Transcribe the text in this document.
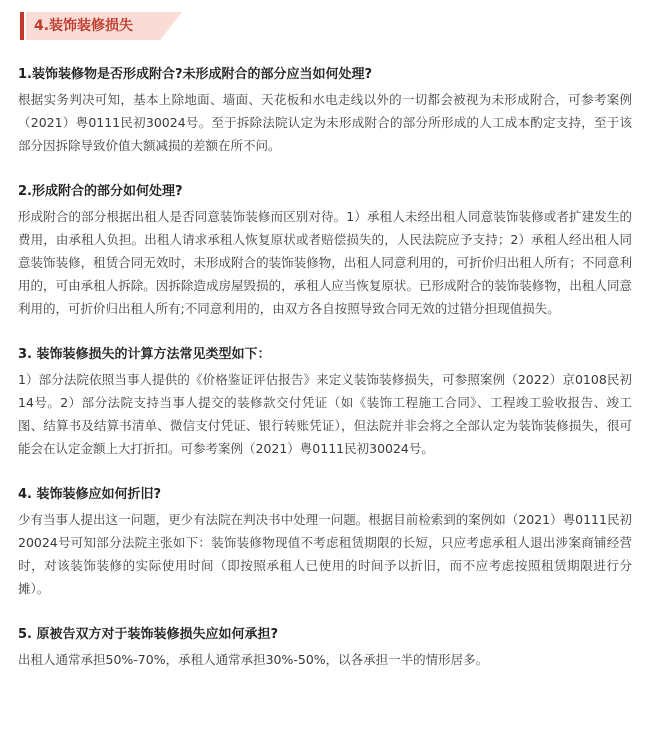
4.装饰装修损失
1.装饰装修物是否形成附合?未形成附合的部分应当如何处理?

根据实务判决可知，基本上除地面、墙面、天花板和水电走线以外的一切都会被视为未形成附合，可参考案例（2021）粤0111民初30024号。至于拆除法院认定为未形成附合的部分所形成的人工成本酌定支持，至于该部分因拆除导致价值大额减损的差额在所不问。

2.形成附合的部分如何处理?

形成附合的部分根据出租人是否同意装饰装修而区别对待。1）承租人未经出租人同意装饰装修或者扩建发生的费用，由承租人负担。出租人请求承租人恢复原状或者赔偿损失的，人民法院应予支持；2）承租人经出租人同意装饰装修，租赁合同无效时，未形成附合的装饰装修物，出租人同意利用的，可折价归出租人所有；不同意利用的，可由承租人拆除。因拆除造成房屋毁损的，承租人应当恢复原状。已形成附合的装饰装修物，出租人同意利用的，可折价归出租人所有;不同意利用的，由双方各自按照导致合同无效的过错分担现值损失。

3. 装饰装修损失的计算方法常见类型如下：

1）部分法院依照当事人提供的《价格鉴证评估报告》来定义装饰装修损失，可参照案例（2022）京0108民初14号。2）部分法院支持当事人提交的装修款交付凭证（如《装饰工程施工合同》、工程竣工验收报告、竣工图、结算书及结算书清单、微信支付凭证、银行转账凭证），但法院并非会将之全部认定为装饰装修损失，很可能会在认定金额上大打折扣。可参考案例（2021）粤0111民初30024号。

4. 装饰装修应如何折旧?

少有当事人提出这一问题，更少有法院在判决书中处理一问题。根据目前检索到的案例如（2021）粤0111民初20024号可知部分法院主张如下：装饰装修物现值不考虑租赁期限的长短，只应考虑承租人退出涉案商铺经营时，对该装饰装修的实际使用时间（即按照承租人已使用的时间予以折旧，而不应考虑按照租赁期限进行分摊）。

5. 原被告双方对于装饰装修损失应如何承担?

出租人通常承担50%-70%，承租人通常承担30%-50%，以各承担一半的情形居多。
